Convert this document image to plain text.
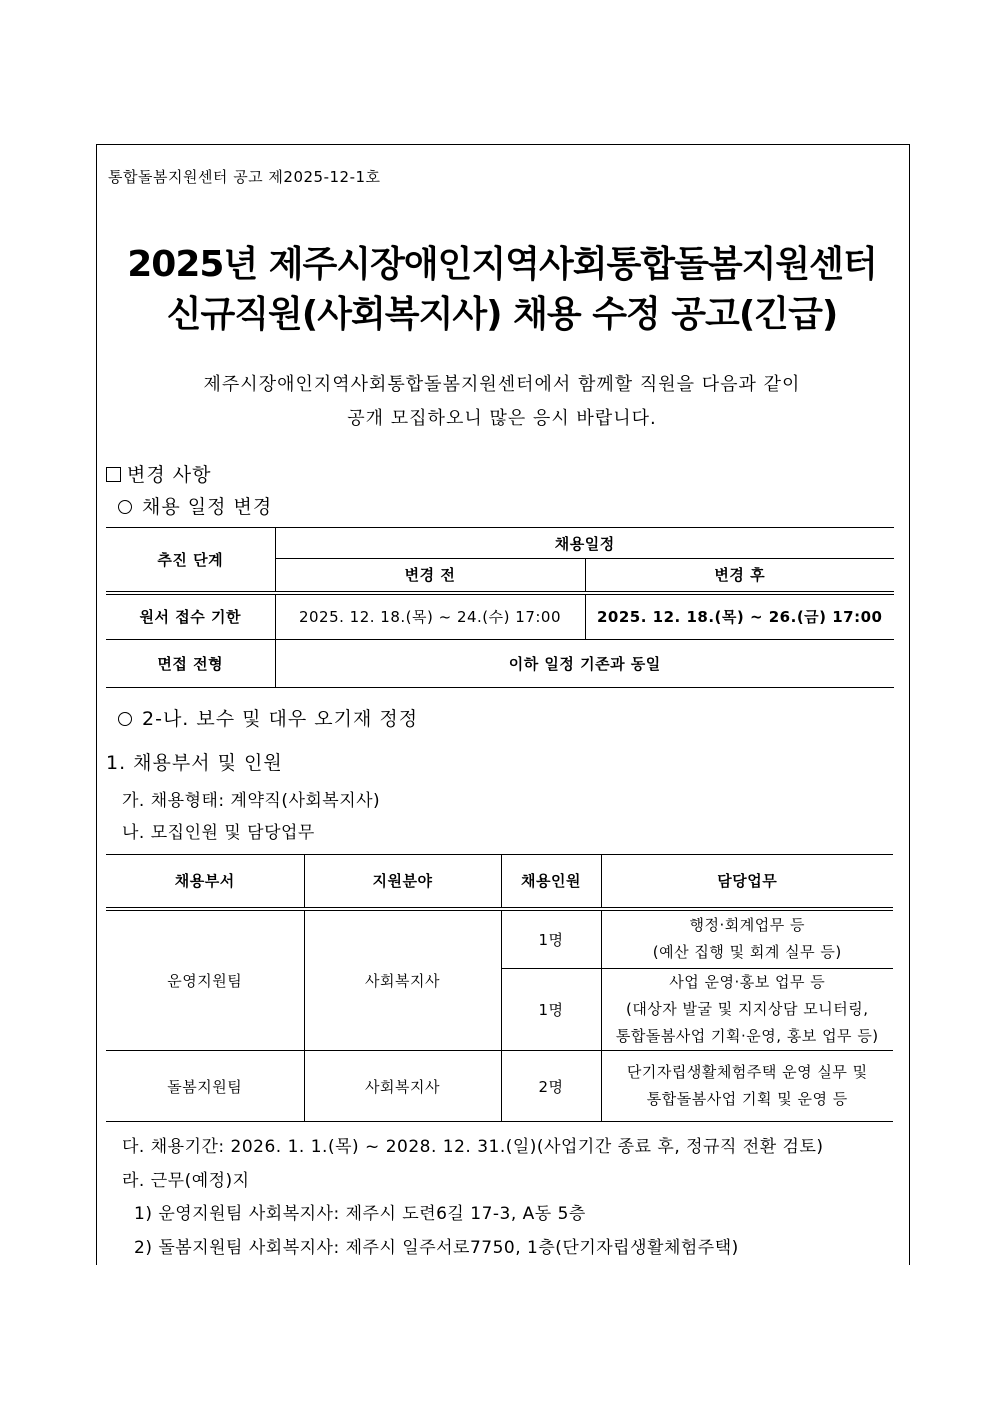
통합돌봄지원센터 공고 제2025-12-1호
2025년 제주시장애인지역사회통합돌봄지원센터
신규직원(사회복지사) 채용 수정 공고(긴급)
제주시장애인지역사회통합돌봄지원센터에서 함께할 직원을 다음과 같이
공개 모집하오니 많은 응시 바랍니다.
변경 사항
채용 일정 변경
추진 단계	채용일정	
	변경 전	변경 후
원서 접수 기한	2025. 12. 18.(목) ~ 24.(수) 17:00	2025. 12. 18.(목) ~ 26.(금) 17:00
면접 전형	이하 일정 기존과 동일	
2-나. 보수 및 대우 오기재 정정
1. 채용부서 및 인원
가. 채용형태: 계약직(사회복지사)
나. 모집인원 및 담당업무
채용부서	지원분야	채용인원	담당업무
운영지원팀	사회복지사	1명	행정·회계업무 등
(예산 집행 및 회계 실무 등)

		1명	사업 운영·홍보 업무 등
(대상자 발굴 및 지지상담 모니터링,
통합돌봄사업 기획·운영, 홍보 업무 등)

돌봄지원팀	사회복지사	2명	단기자립생활체험주택 운영 실무 및
통합돌봄사업 기획 및 운영 등
다. 채용기간: 2026. 1. 1.(목) ~ 2028. 12. 31.(일)(사업기간 종료 후, 정규직 전환 검토)
라. 근무(예정)지
1) 운영지원팀 사회복지사: 제주시 도련6길 17-3, A동 5층
2) 돌봄지원팀 사회복지사: 제주시 일주서로7750, 1층(단기자립생활체험주택)
